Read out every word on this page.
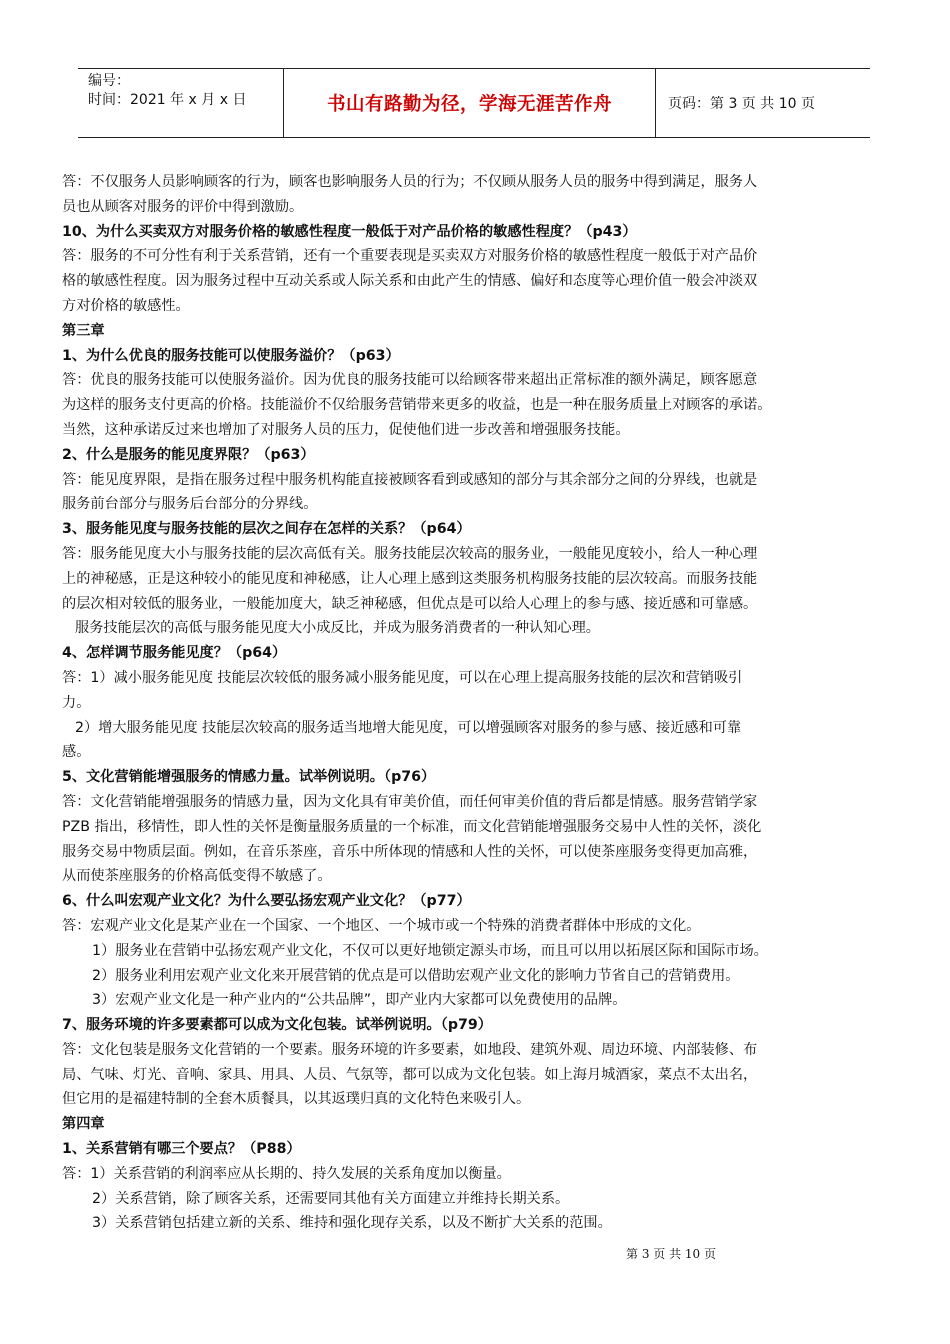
编号：
时间：2021 年 x 月 x 日	书山有路勤为径，学海无涯苦作舟	页码：第 3 页 共 10 页

答：不仅服务人员影响顾客的行为，顾客也影响服务人员的行为；不仅顾从服务人员的服务中得到满足，服务人

员也从顾客对服务的评价中得到激励。

10、为什么买卖双方对服务价格的敏感性程度一般低于对产品价格的敏感性程度？（p43）

答：服务的不可分性有利于关系营销，还有一个重要表现是买卖双方对服务价格的敏感性程度一般低于对产品价

格的敏感性程度。因为服务过程中互动关系或人际关系和由此产生的情感、偏好和态度等心理价值一般会冲淡双

方对价格的敏感性。

第三章

1、为什么优良的服务技能可以使服务溢价？（p63）

答：优良的服务技能可以使服务溢价。因为优良的服务技能可以给顾客带来超出正常标准的额外满足，顾客愿意

为这样的服务支付更高的价格。技能溢价不仅给服务营销带来更多的收益，也是一种在服务质量上对顾客的承诺。

当然，这种承诺反过来也增加了对服务人员的压力，促使他们进一步改善和增强服务技能。

2、什么是服务的能见度界限？（p63）

答：能见度界限，是指在服务过程中服务机构能直接被顾客看到或感知的部分与其余部分之间的分界线，也就是

服务前台部分与服务后台部分的分界线。

3、服务能见度与服务技能的层次之间存在怎样的关系？（p64）

答：服务能见度大小与服务技能的层次高低有关。服务技能层次较高的服务业，一般能见度较小，给人一种心理

上的神秘感，正是这种较小的能见度和神秘感，让人心理上感到这类服务机构服务技能的层次较高。而服务技能

的层次相对较低的服务业，一般能加度大，缺乏神秘感，但优点是可以给人心理上的参与感、接近感和可靠感。

服务技能层次的高低与服务能见度大小成反比，并成为服务消费者的一种认知心理。

4、怎样调节服务能见度？（p64）

答：1）减小服务能见度 技能层次较低的服务减小服务能见度，可以在心理上提高服务技能的层次和营销吸引

力。

2）增大服务能见度 技能层次较高的服务适当地增大能见度，可以增强顾客对服务的参与感、接近感和可靠

感。

5、文化营销能增强服务的情感力量。试举例说明。（p76）

答：文化营销能增强服务的情感力量，因为文化具有审美价值，而任何审美价值的背后都是情感。服务营销学家

PZB 指出，移情性，即人性的关怀是衡量服务质量的一个标准，而文化营销能增强服务交易中人性的关怀，淡化

服务交易中物质层面。例如，在音乐茶座，音乐中所体现的情感和人性的关怀，可以使茶座服务变得更加高雅，

从而使茶座服务的价格高低变得不敏感了。

6、什么叫宏观产业文化？为什么要弘扬宏观产业文化？（p77）

答：宏观产业文化是某产业在一个国家、一个地区、一个城市或一个特殊的消费者群体中形成的文化。

1）服务业在营销中弘扬宏观产业文化，不仅可以更好地锁定源头市场，而且可以用以拓展区际和国际市场。

2）服务业利用宏观产业文化来开展营销的优点是可以借助宏观产业文化的影响力节省自己的营销费用。

3）宏观产业文化是一种产业内的“公共品牌”，即产业内大家都可以免费使用的品牌。

7、服务环境的许多要素都可以成为文化包装。试举例说明。（p79）

答：文化包装是服务文化营销的一个要素。服务环境的许多要素，如地段、建筑外观、周边环境、内部装修、布

局、气味、灯光、音响、家具、用具、人员、气氛等，都可以成为文化包装。如上海月城酒家，菜点不太出名，

但它用的是福建特制的全套木质餐具，以其返璞归真的文化特色来吸引人。

第四章

1、关系营销有哪三个要点？（P88）

答：1）关系营销的利润率应从长期的、持久发展的关系角度加以衡量。

2）关系营销，除了顾客关系，还需要同其他有关方面建立并维持长期关系。

3）关系营销包括建立新的关系、维持和强化现存关系，以及不断扩大关系的范围。

第 3 页 共 10 页
